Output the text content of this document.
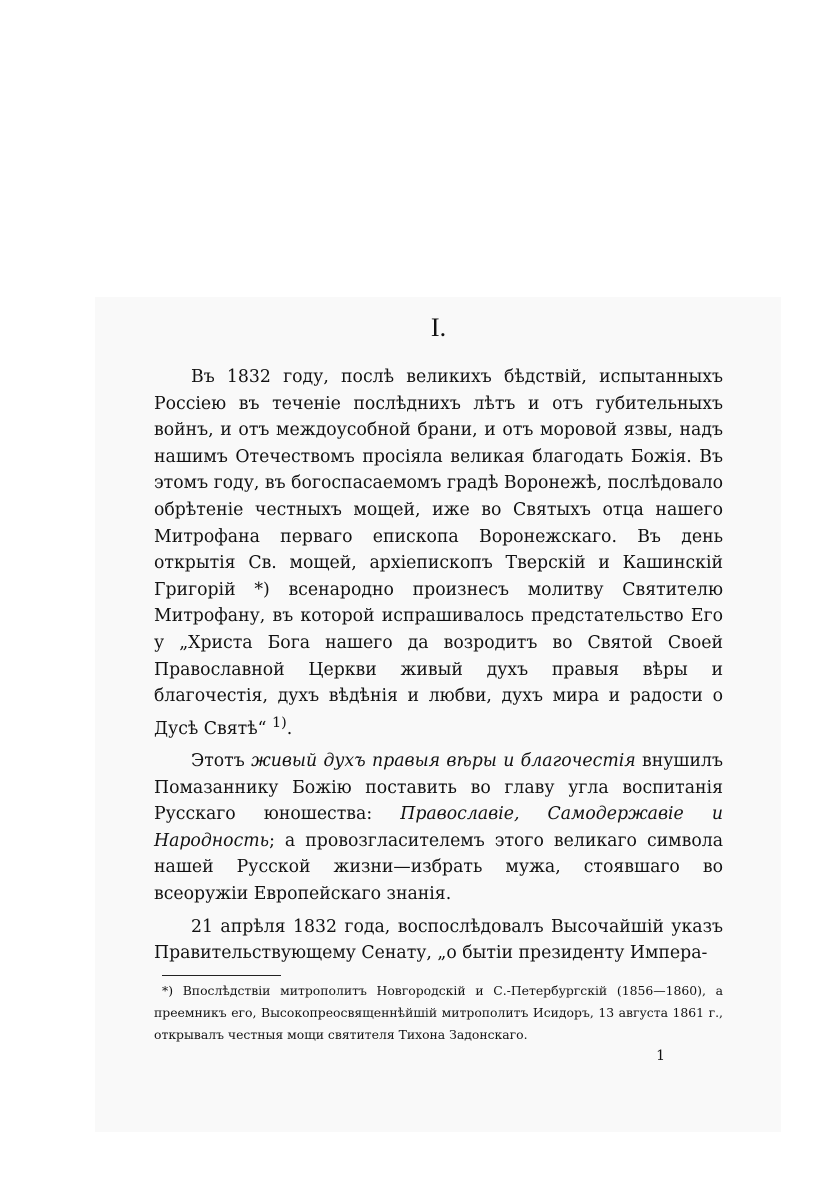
I.

Въ 1832 году, послѣ великихъ бѣдствій, испытанныхъ Россіею въ теченіе послѣднихъ лѣтъ и отъ губительныхъ войнъ, и отъ междоусобной брани, и отъ моровой язвы, надъ нашимъ Отечествомъ просіяла великая благодать Божія. Въ этомъ году, въ богоспасаемомъ градѣ Воронежѣ, послѣдовало обрѣтеніе честныхъ мощей, иже во Святыхъ отца нашего Митрофана перваго епископа Воронежскаго. Въ день открытія Св. мощей, архіепископъ Тверскій и Кашинскій Григорій *) всенародно произнесъ молитву Святителю Митрофану, въ которой испрашивалось предстательство Его у „Христа Бога нашего да возродитъ во Святой Своей Православной Церкви живый духъ правыя вѣры и благочестія, духъ вѣдѣнія и любви, духъ мира и радости о Дусѣ Святѣ“ $^{1)}$.

Этотъ живый духъ правыя вѣры и благочестія внушилъ Помазаннику Божію поставить во главу угла воспитанія Русскаго юношества: Православіе, Самодержавіе и Народность; а провозгласителемъ этого великаго символа нашей Русской жизни—избрать мужа, стоявшаго во всеоружіи Европейскаго знанія.

21 апрѣля 1832 года, воспослѣдовалъ Высочайшій указъ Правительствующему Сенату, „о бытіи президенту Импера-

*) Впослѣдствіи митрополитъ Новгородскій и С.-Петербургскій (1856—1860), а преемникъ его, Высокопреосвященнѣйшій митрополитъ Исидоръ, 13 августа 1861 г., открывалъ честныя мощи святителя Тихона Задонскаго.

1
